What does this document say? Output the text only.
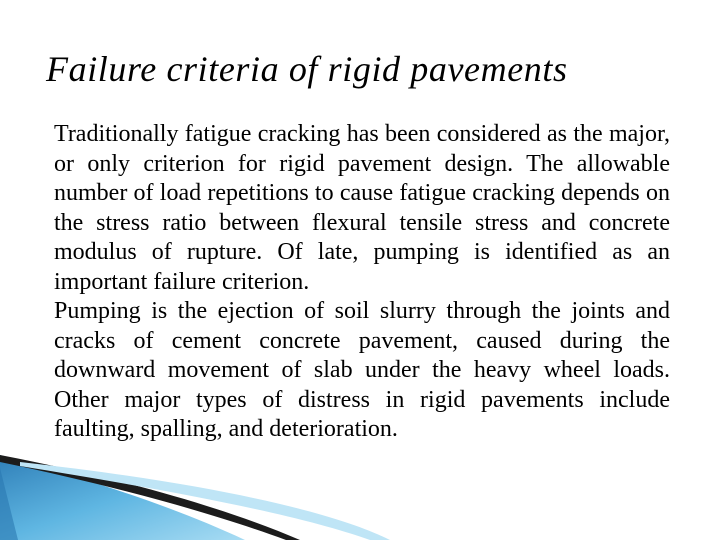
Failure criteria of rigid pavements

Traditionally fatigue cracking has been considered as the major, or only criterion for rigid pavement design. The allowable number of load repetitions to cause fatigue cracking depends on the stress ratio between flexural tensile stress and concrete modulus of rupture. Of late, pumping is identified as an important failure criterion.

Pumping is the ejection of soil slurry through the joints and cracks of cement concrete pavement, caused during the downward movement of slab under the heavy wheel loads. Other major types of distress in rigid pavements include faulting, spalling, and deterioration.
